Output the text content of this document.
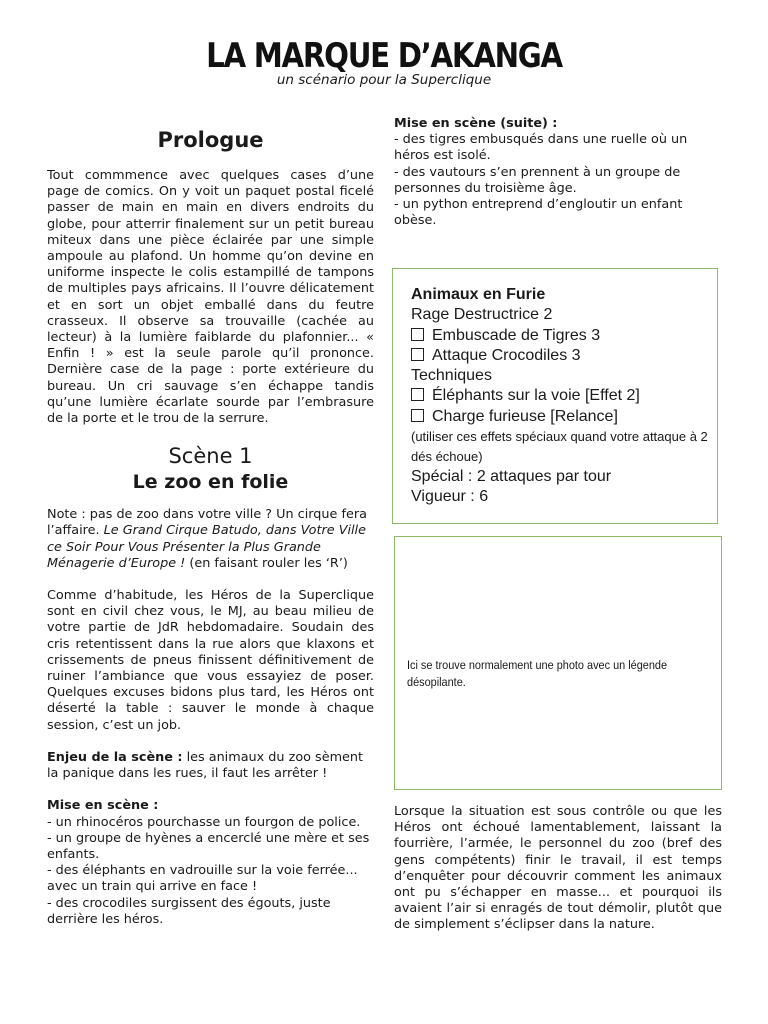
LA MARQUE D’AKANGA
un scénario pour la Superclique
Prologue

Tout commmence avec quelques cases d’une page de comics. On y voit un paquet postal ficelé passer de main en main en divers endroits du globe, pour atterrir finalement sur un petit bureau miteux dans une pièce éclairée par une simple ampoule au plafond. Un homme qu’on devine en uniforme inspecte le colis estampillé de tampons de multiples pays africains. Il l’ouvre délicatement et en sort un objet emballé dans du feutre crasseux. Il observe sa trouvaille (cachée au lecteur) à la lumière faiblarde du plafonnier... « Enfin ! » est la seule parole qu’il prononce. Dernière case de la page : porte extérieure du bureau. Un cri sauvage s’en échappe tandis qu’une lumière écarlate sourde par l’embrasure de la porte et le trou de la serrure.

Scène 1
Le zoo en folie

Note : pas de zoo dans votre ville ? Un cirque fera l’affaire. Le Grand Cirque Batudo, dans Votre Ville ce Soir Pour Vous Présenter la Plus Grande Ménagerie d’Europe ! (en faisant rouler les ‘R’)

Comme d’habitude, les Héros de la Superclique sont en civil chez vous, le MJ, au beau milieu de votre partie de JdR hebdomadaire. Soudain des cris retentissent dans la rue alors que klaxons et crissements de pneus finissent définitivement de ruiner l’ambiance que vous essayiez de poser. Quelques excuses bidons plus tard, les Héros ont déserté la table : sauver le monde à chaque session, c’est un job.

Enjeu de la scène : les animaux du zoo sèment la panique dans les rues, il faut les arrêter !

Mise en scène :

- un rhinocéros pourchasse un fourgon de police.

- un groupe de hyènes a encerclé une mère et ses enfants.

- des éléphants en vadrouille sur la voie ferrée... avec un train qui arrive en face !

- des crocodiles surgissent des égouts, juste derrière les héros.

Mise en scène (suite) :

- des tigres embusqués dans une ruelle où un héros est isolé.

- des vautours s’en prennent à un groupe de personnes du troisième âge.

- un python entreprend d’engloutir un enfant obèse.

Animaux en Furie
Rage Destructrice 2
Embuscade de Tigres 3
Attaque Crocodiles 3
Techniques
Éléphants sur la voie [Effet 2]
Charge furieuse [Relance]
(utiliser ces effets spéciaux quand votre attaque à 2 dés échoue)
Spécial : 2 attaques par tour
Vigueur : 6
Ici se trouve normalement une photo avec un légende désopilante.

Lorsque la situation est sous contrôle ou que les Héros ont échoué lamentablement, laissant la fourrière, l’armée, le personnel du zoo (bref des gens compétents) finir le travail, il est temps d’enquêter pour découvrir comment les animaux ont pu s’échapper en masse... et pourquoi ils avaient l’air si enragés de tout démolir, plutôt que de simplement s’éclipser dans la nature.
